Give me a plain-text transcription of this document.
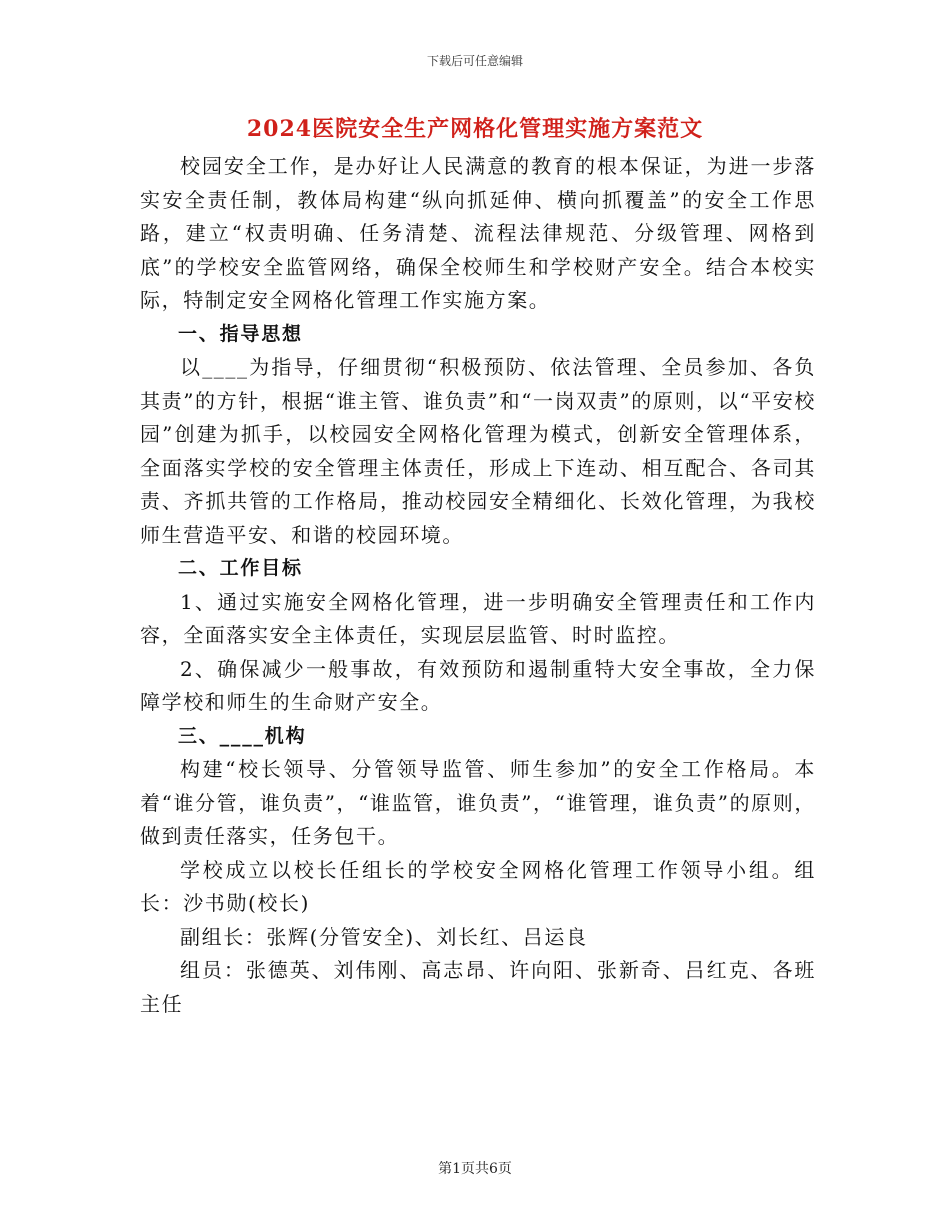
下载后可任意编辑
2024医院安全生产网格化管理实施方案范文

校园安全工作，是办好让人民满意的教育的根本保证，为进一步落实安全责任制，教体局构建“纵向抓延伸、横向抓覆盖”的安全工作思路，建立“权责明确、任务清楚、流程法律规范、分级管理、网格到底”的学校安全监管网络，确保全校师生和学校财产安全。结合本校实际，特制定安全网格化管理工作实施方案。

一、指导思想

以____为指导，仔细贯彻“积极预防、依法管理、全员参加、各负其责”的方针，根据“谁主管、谁负责”和“一岗双责”的原则，以“平安校园”创建为抓手，以校园安全网格化管理为模式，创新安全管理体系，全面落实学校的安全管理主体责任，形成上下连动、相互配合、各司其责、齐抓共管的工作格局，推动校园安全精细化、长效化管理，为我校师生营造平安、和谐的校园环境。

二、工作目标

1、通过实施安全网格化管理，进一步明确安全管理责任和工作内容，全面落实安全主体责任，实现层层监管、时时监控。

2、确保减少一般事故，有效预防和遏制重特大安全事故，全力保障学校和师生的生命财产安全。

三、____机构

构建“校长领导、分管领导监管、师生参加”的安全工作格局。本着“谁分管，谁负责”，“谁监管，谁负责”，“谁管理，谁负责”的原则，做到责任落实，任务包干。

学校成立以校长任组长的学校安全网格化管理工作领导小组。组长：沙书勋(校长)

副组长：张辉(分管安全)、刘长红、吕运良

组员：张德英、刘伟刚、高志昂、许向阳、张新奇、吕红克、各班主任

第1页共6页
